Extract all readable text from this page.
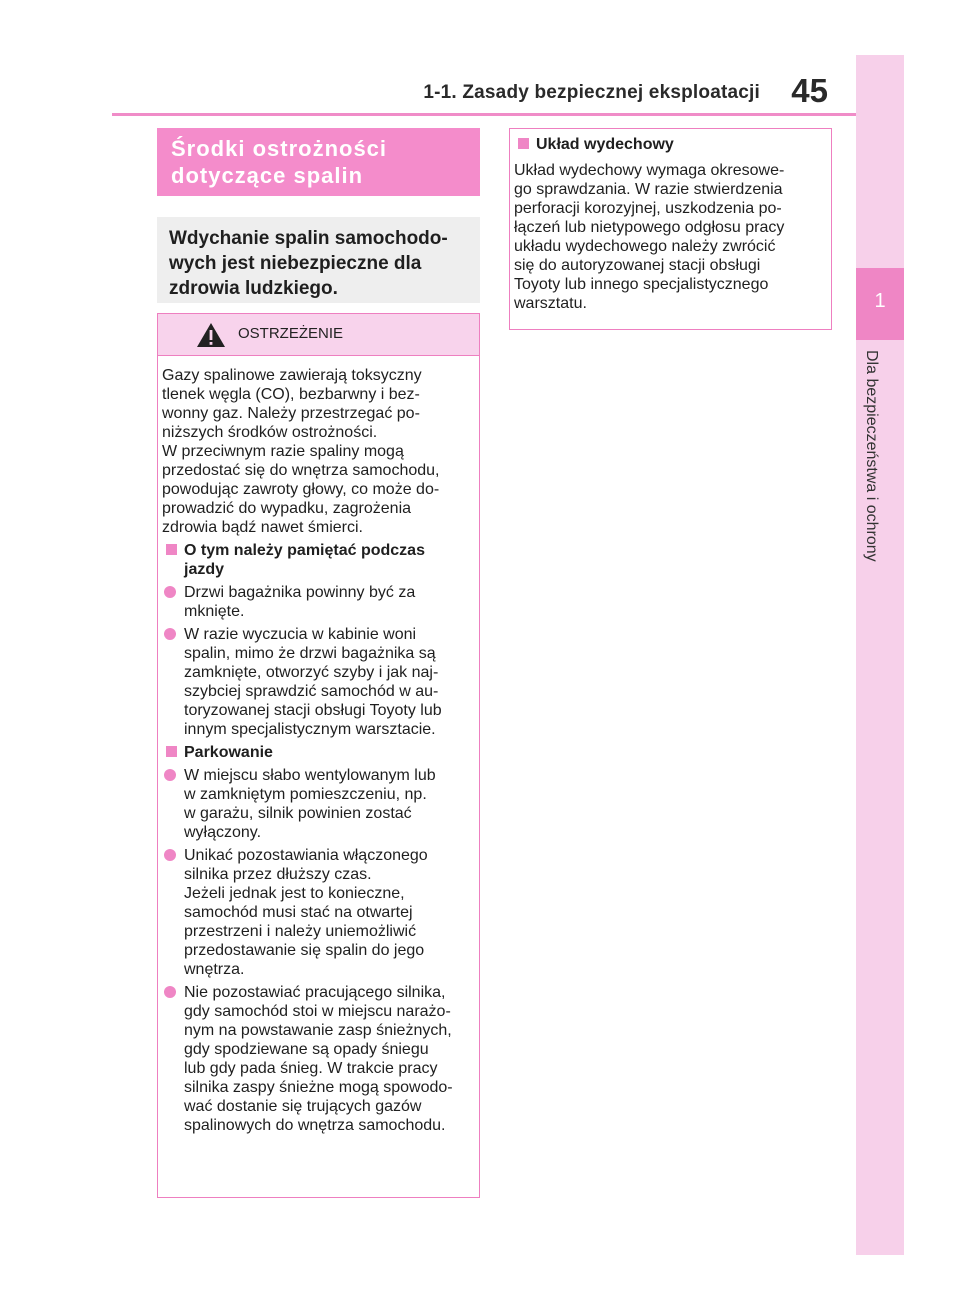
1-1. Zasady bezpiecznej eksploatacji 45
1
Dla bezpieczeństwa i ochrony
Środki ostrożności
dotyczące spalin
Wdychanie spalin samochodo-
wych jest niebezpieczne dla
zdrowia ludzkiego.
OSTRZEŻENIE
Gazy spalinowe zawierają toksyczny
tlenek węgla (CO), bezbarwny i bez-
wonny gaz. Należy przestrzegać po-
niższych środków ostrożności.
W przeciwnym razie spaliny mogą
przedostać się do wnętrza samochodu,
powodując zawroty głowy, co może do-
prowadzić do wypadku, zagrożenia
zdrowia bądź nawet śmierci.
O tym należy pamiętać podczas
jazdy
Drzwi bagażnika powinny być za
mknięte.
W razie wyczucia w kabinie woni
spalin, mimo że drzwi bagażnika są
zamknięte, otworzyć szyby i jak naj-
szybciej sprawdzić samochód w au-
toryzowanej stacji obsługi Toyoty lub
innym specjalistycznym warsztacie.
Parkowanie
W miejscu słabo wentylowanym lub
w zamkniętym pomieszczeniu, np.
w garażu, silnik powinien zostać
wyłączony.
Unikać pozostawiania włączonego
silnika przez dłuższy czas.
Jeżeli jednak jest to konieczne,
samochód musi stać na otwartej
przestrzeni i należy uniemożliwić
przedostawanie się spalin do jego
wnętrza.
Nie pozostawiać pracującego silnika,
gdy samochód stoi w miejscu narażo-
nym na powstawanie zasp śnieżnych,
gdy spodziewane są opady śniegu
lub gdy pada śnieg. W trakcie pracy
silnika zaspy śnieżne mogą spowodo-
wać dostanie się trujących gazów
spalinowych do wnętrza samochodu.
Układ wydechowy
Układ wydechowy wymaga okresowe-
go sprawdzania. W razie stwierdzenia
perforacji korozyjnej, uszkodzenia po-
łączeń lub nietypowego odgłosu pracy
układu wydechowego należy zwrócić
się do autoryzowanej stacji obsługi
Toyoty lub innego specjalistycznego
warsztatu.
